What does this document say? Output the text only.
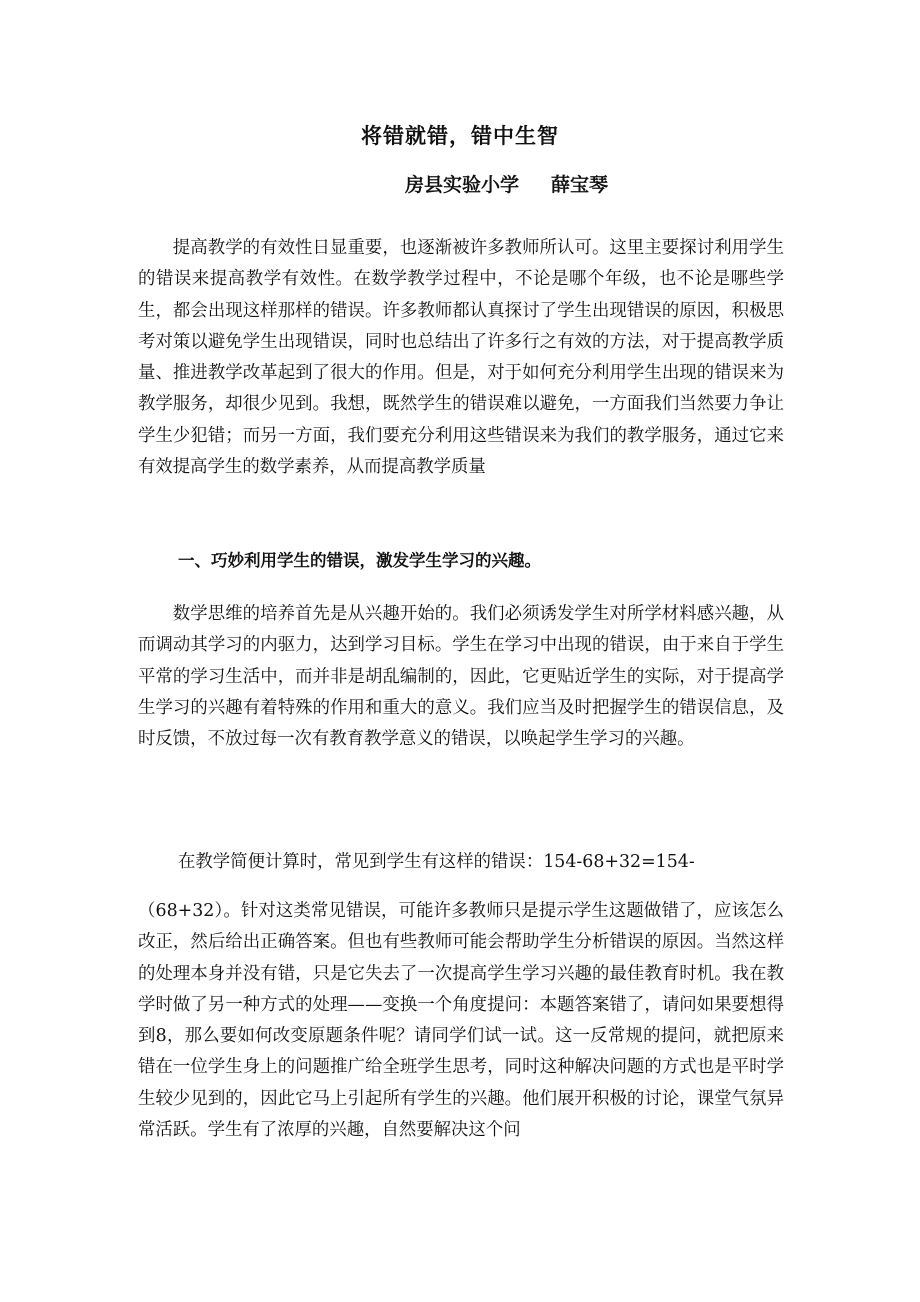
将错就错，错中生智
房县实验小学 薛宝琴

提高教学的有效性日显重要，也逐渐被许多教师所认可。这里主要探讨利用学生的错误来提高教学有效性。在数学教学过程中，不论是哪个年级，也不论是哪些学生，都会出现这样那样的错误。许多教师都认真探讨了学生出现错误的原因，积极思考对策以避免学生出现错误，同时也总结出了许多行之有效的方法，对于提高教学质量、推进教学改革起到了很大的作用。但是，对于如何充分利用学生出现的错误来为教学服务，却很少见到。我想，既然学生的错误难以避免，一方面我们当然要力争让学生少犯错；而另一方面，我们要充分利用这些错误来为我们的教学服务，通过它来有效提高学生的数学素养，从而提高教学质量

一、巧妙利用学生的错误，激发学生学习的兴趣。

数学思维的培养首先是从兴趣开始的。我们必须诱发学生对所学材料感兴趣，从而调动其学习的内驱力，达到学习目标。学生在学习中出现的错误，由于来自于学生平常的学习生活中，而并非是胡乱编制的，因此，它更贴近学生的实际，对于提高学生学习的兴趣有着特殊的作用和重大的意义。我们应当及时把握学生的错误信息，及时反馈，不放过每一次有教育教学意义的错误，以唤起学生学习的兴趣。

在教学简便计算时，常见到学生有这样的错误：154-68+32=154-

（68+32）。针对这类常见错误，可能许多教师只是提示学生这题做错了，应该怎么改正，然后给出正确答案。但也有些教师可能会帮助学生分析错误的原因。当然这样的处理本身并没有错，只是它失去了一次提高学生学习兴趣的最佳教育时机。我在教学时做了另一种方式的处理——变换一个角度提问：本题答案错了，请问如果要想得到8，那么要如何改变原题条件呢？请同学们试一试。这一反常规的提问，就把原来错在一位学生身上的问题推广给全班学生思考，同时这种解决问题的方式也是平时学生较少见到的，因此它马上引起所有学生的兴趣。他们展开积极的讨论，课堂气氛异常活跃。学生有了浓厚的兴趣，自然要解决这个问
